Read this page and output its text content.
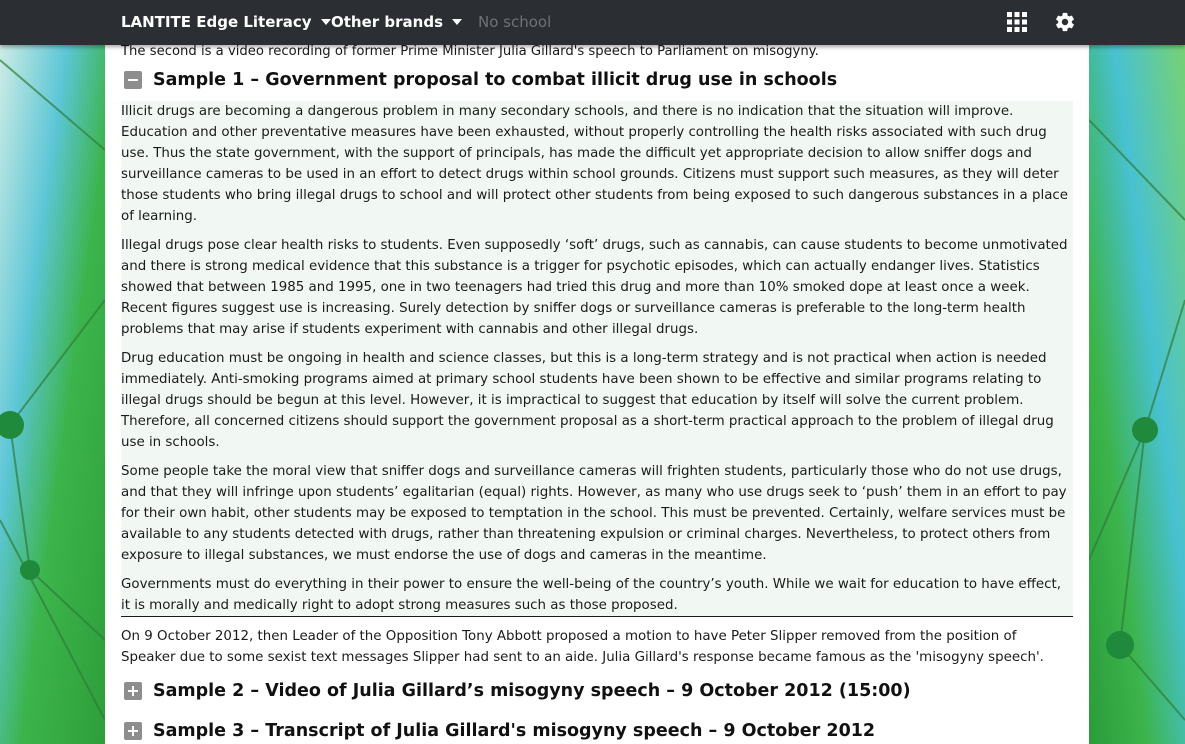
LANTITE Edge Literacy	Other brands	No school
The second is a video recording of former Prime Minister Julia Gillard's speech to Parliament on misogyny.
Sample 1 – Government proposal to combat illicit drug use in schools

Illicit drugs are becoming a dangerous problem in many secondary schools, and there is no indication that the situation will improve. Education and other preventative measures have been exhausted, without properly controlling the health risks associated with such drug use. Thus the state government, with the support of principals, has made the difficult yet appropriate decision to allow sniffer dogs and surveillance cameras to be used in an effort to detect drugs within school grounds. Citizens must support such measures, as they will deter those students who bring illegal drugs to school and will protect other students from being exposed to such dangerous substances in a place of learning.

Illegal drugs pose clear health risks to students. Even supposedly ‘soft’ drugs, such as cannabis, can cause students to become unmotivated and there is strong medical evidence that this substance is a trigger for psychotic episodes, which can actually endanger lives. Statistics showed that between 1985 and 1995, one in two teenagers had tried this drug and more than 10% smoked dope at least once a week. Recent figures suggest use is increasing. Surely detection by sniffer dogs or surveillance cameras is preferable to the long-term health problems that may arise if students experiment with cannabis and other illegal drugs.

Drug education must be ongoing in health and science classes, but this is a long-term strategy and is not practical when action is needed immediately. Anti-smoking programs aimed at primary school students have been shown to be effective and similar programs relating to illegal drugs should be begun at this level. However, it is impractical to suggest that education by itself will solve the current problem. Therefore, all concerned citizens should support the government proposal as a short-term practical approach to the problem of illegal drug use in schools.

Some people take the moral view that sniffer dogs and surveillance cameras will frighten students, particularly those who do not use drugs, and that they will infringe upon students’ egalitarian (equal) rights. However, as many who use drugs seek to ‘push’ them in an effort to pay for their own habit, other students may be exposed to temptation in the school. This must be prevented. Certainly, welfare services must be available to any students detected with drugs, rather than threatening expulsion or criminal charges. Nevertheless, to protect others from exposure to illegal substances, we must endorse the use of dogs and cameras in the meantime.

Governments must do everything in their power to ensure the well-being of the country’s youth. While we wait for education to have effect, it is morally and medically right to adopt strong measures such as those proposed.

On 9 October 2012, then Leader of the Opposition Tony Abbott proposed a motion to have Peter Slipper removed from the position of Speaker due to some sexist text messages Slipper had sent to an aide. Julia Gillard's response became famous as the 'misogyny speech'.

Sample 2 – Video of Julia Gillard’s misogyny speech – 9 October 2012 (15:00)
Sample 3 – Transcript of Julia Gillard's misogyny speech – 9 October 2012
